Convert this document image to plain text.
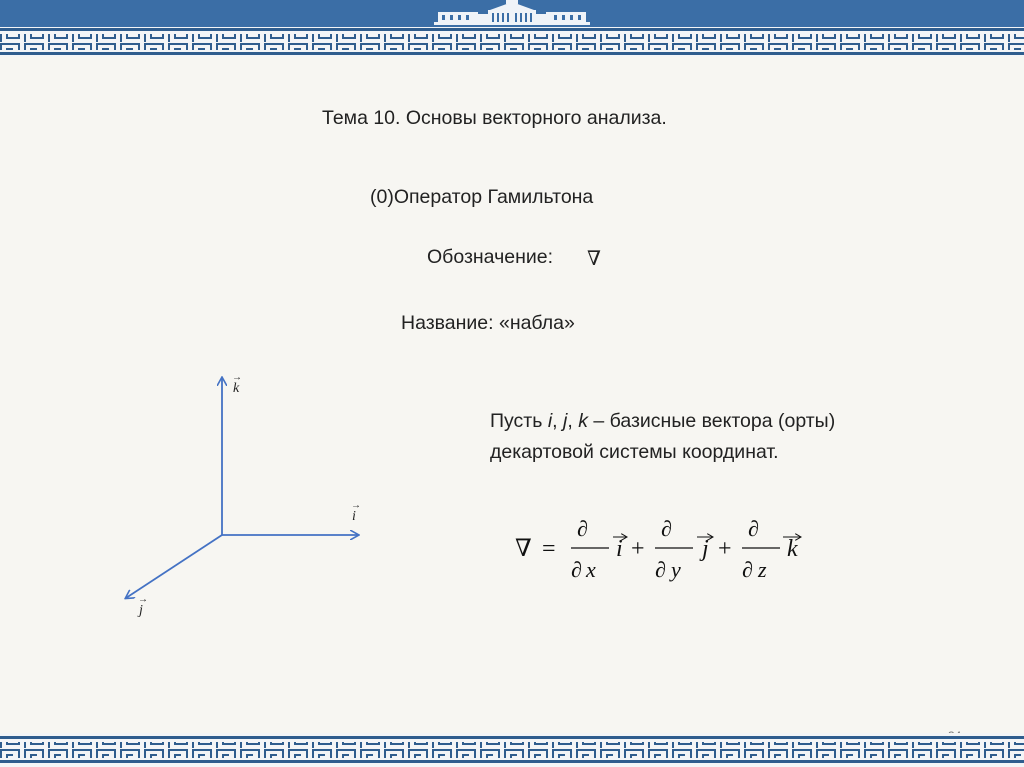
Тема 10. Основы векторного анализа.
(0)Оператор Гамильтона
Обозначение: ∇
Название: «набла»
Пусть i, j, k – базисные вектора (орты)
декартовой системы координат.
→
k
→
i
→
j
∇ =
∂
∂ x
i +
∂
∂ y
j +
∂
∂ z
k
